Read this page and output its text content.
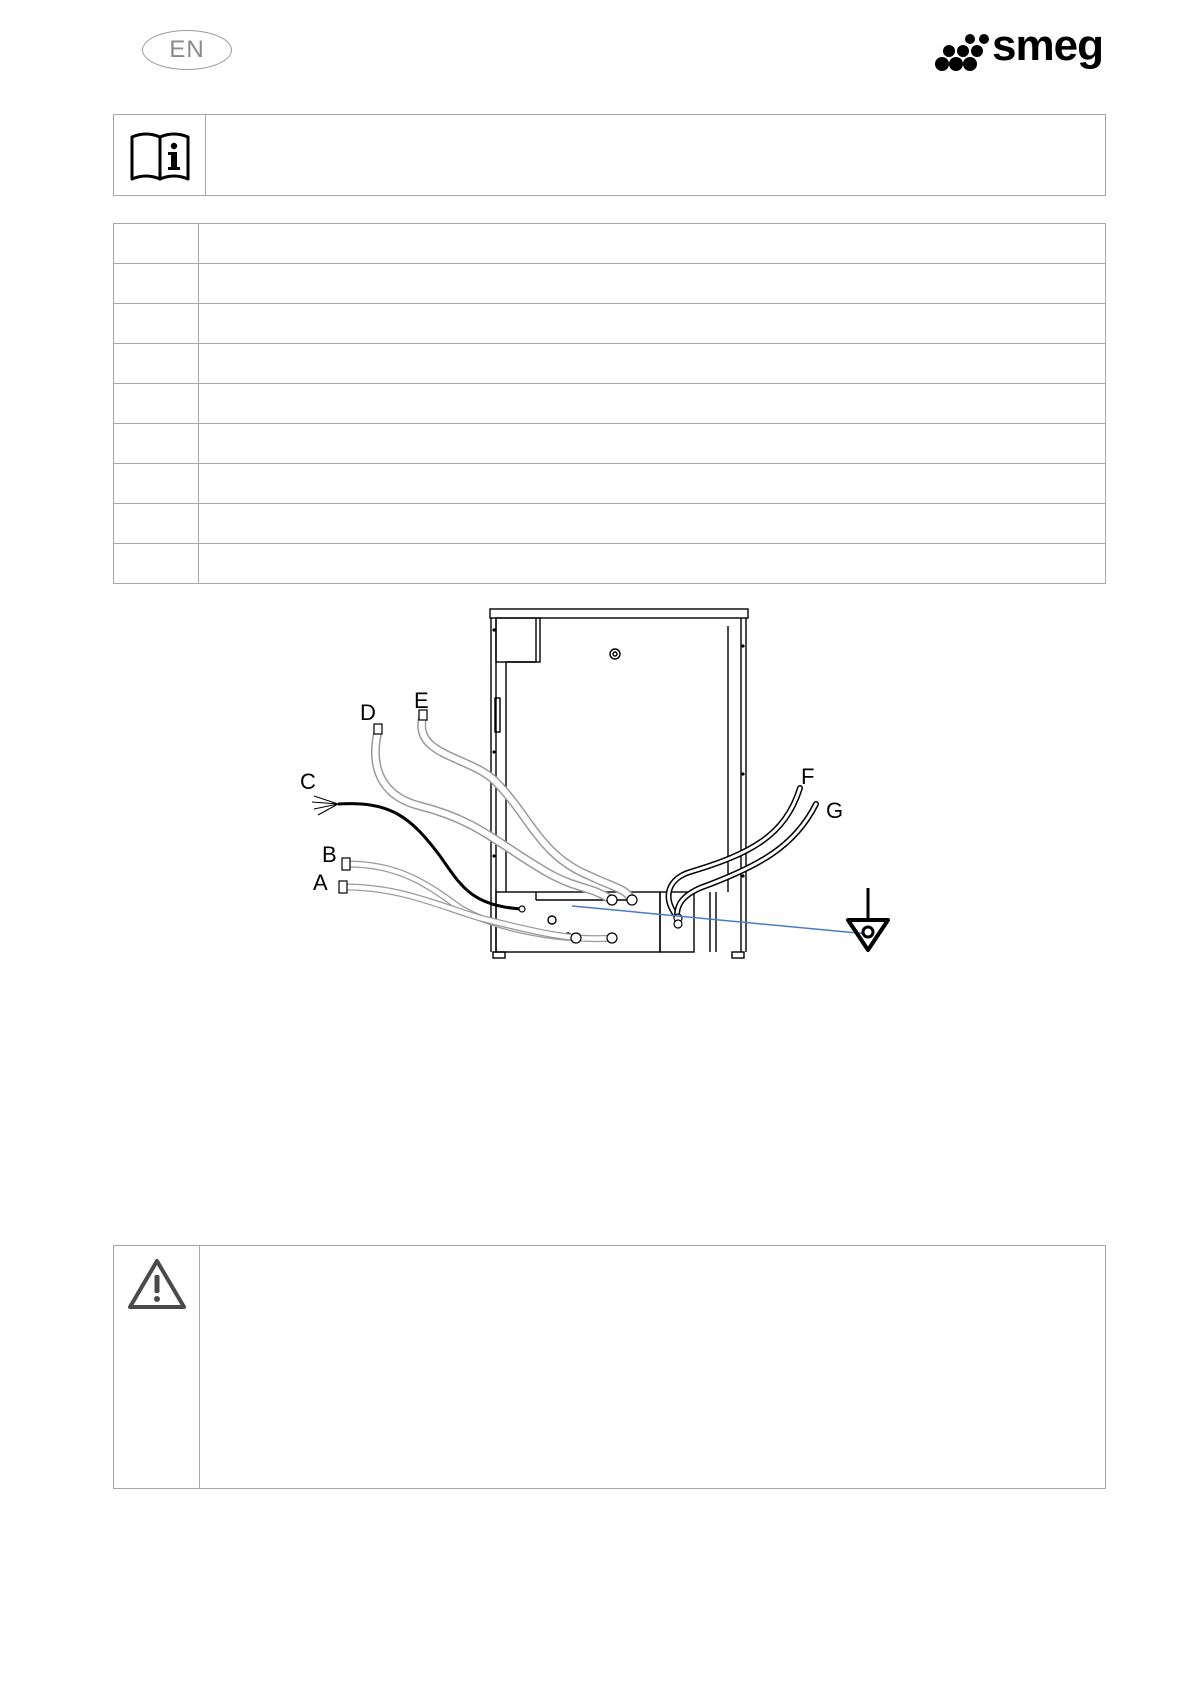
EN	smeg

A
B
C
D E
F
G
